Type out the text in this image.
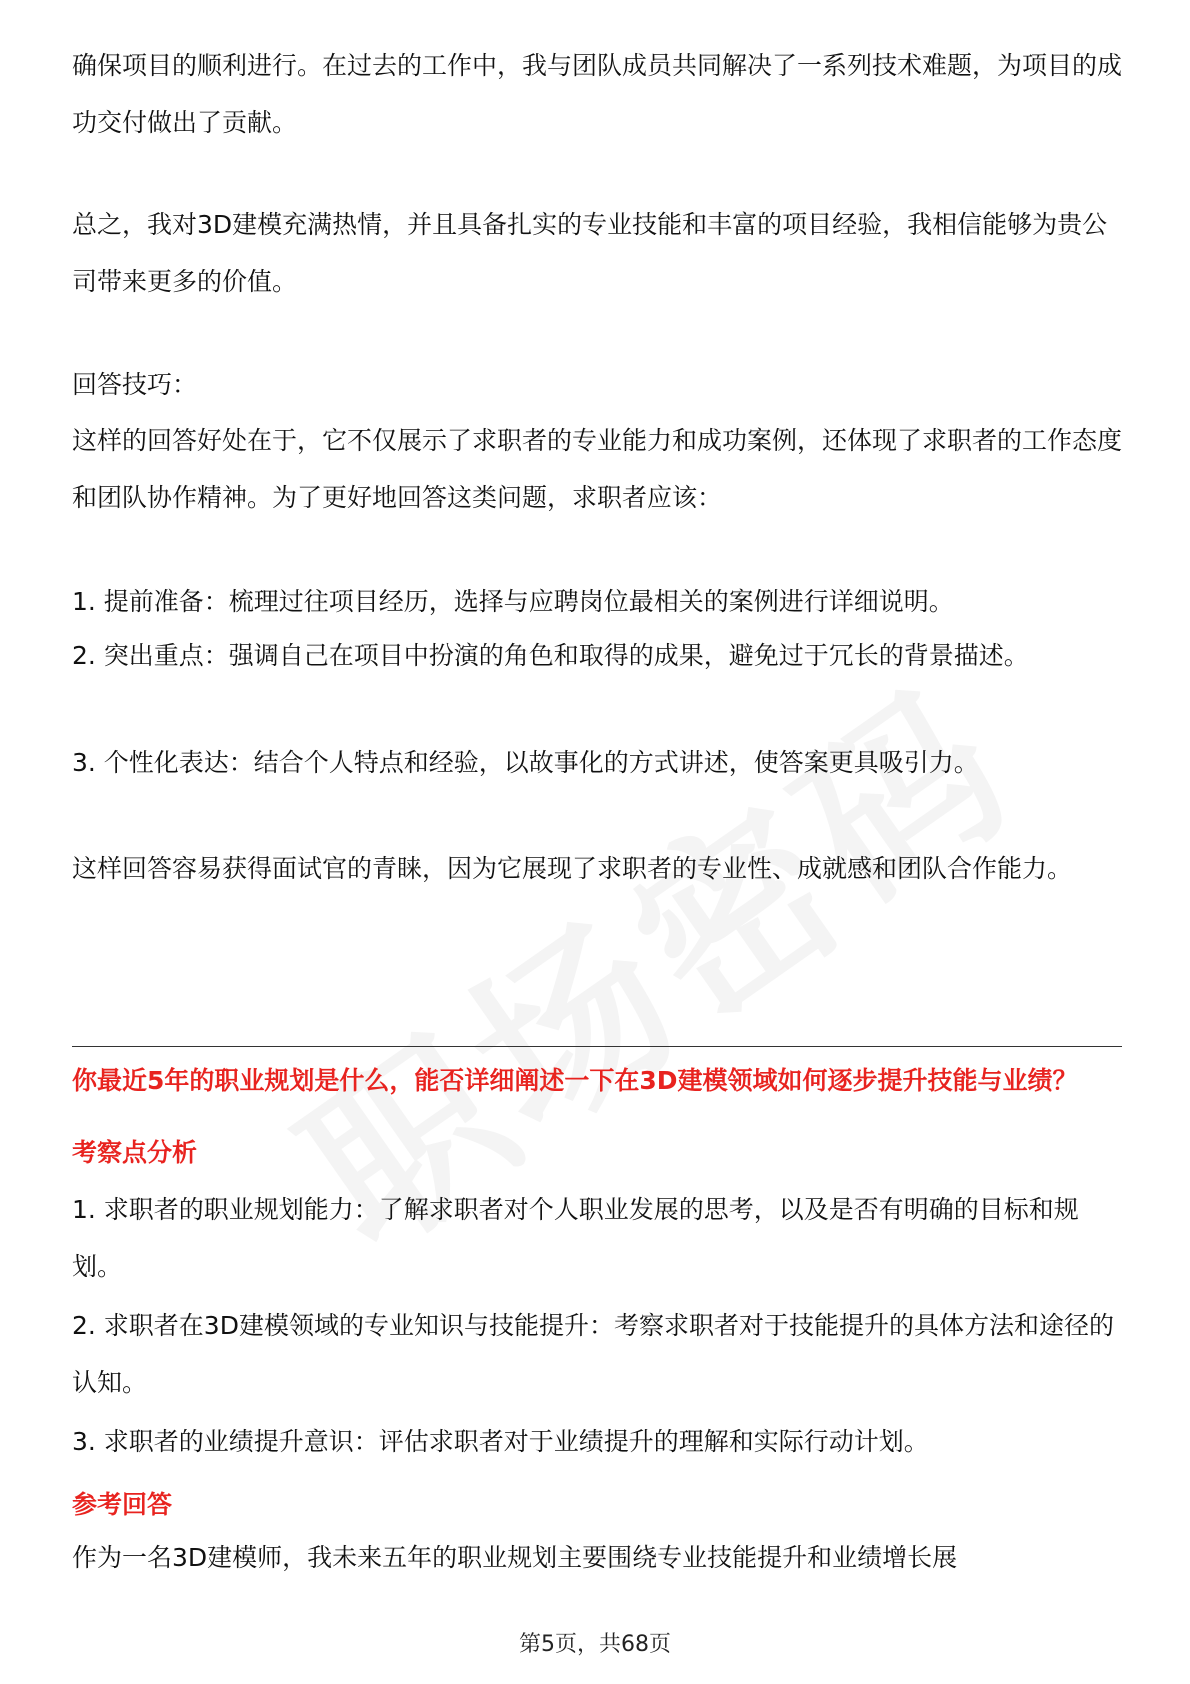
确保项目的顺利进行。在过去的工作中，我与团队成员共同解决了一系列技术难题，为项目的成功交付做出了贡献。

总之，我对3D建模充满热情，并且具备扎实的专业技能和丰富的项目经验，我相信能够为贵公司带来更多的价值。

回答技巧：

这样的回答好处在于，它不仅展示了求职者的专业能力和成功案例，还体现了求职者的工作态度和团队协作精神。为了更好地回答这类问题，求职者应该：

1. 提前准备：梳理过往项目经历，选择与应聘岗位最相关的案例进行详细说明。

2. 突出重点：强调自己在项目中扮演的角色和取得的成果，避免过于冗长的背景描述。

3. 个性化表达：结合个人特点和经验，以故事化的方式讲述，使答案更具吸引力。

这样回答容易获得面试官的青睐，因为它展现了求职者的专业性、成就感和团队合作能力。

你最近5年的职业规划是什么，能否详细阐述一下在3D建模领域如何逐步提升技能与业绩？

考察点分析

1. 求职者的职业规划能力：了解求职者对个人职业发展的思考，以及是否有明确的目标和规划。

2. 求职者在3D建模领域的专业知识与技能提升：考察求职者对于技能提升的具体方法和途径的认知。

3. 求职者的业绩提升意识：评估求职者对于业绩提升的理解和实际行动计划。

参考回答

作为一名3D建模师，我未来五年的职业规划主要围绕专业技能提升和业绩增长展

第5页，共68页
